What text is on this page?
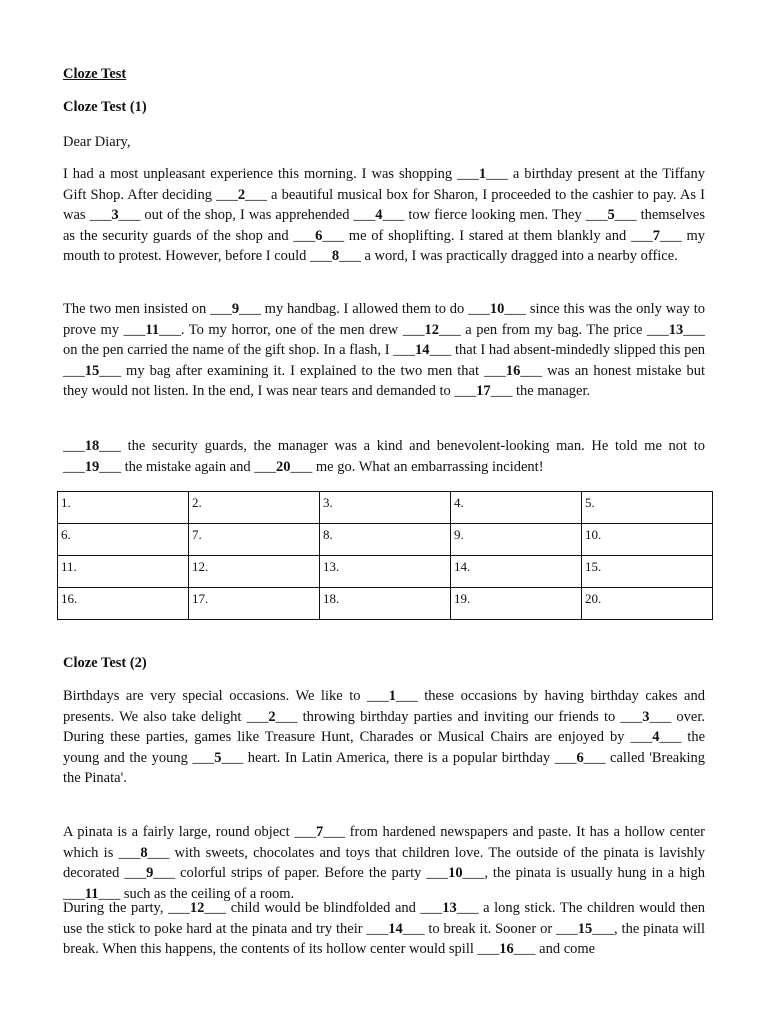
Cloze Test
Cloze Test (1)
Dear Diary,
I had a most unpleasant experience this morning. I was shopping ___1___ a birthday present at the Tiffany Gift Shop. After deciding ___2___ a beautiful musical box for Sharon, I proceeded to the cashier to pay. As I was ___3___ out of the shop, I was apprehended ___4___ tow fierce looking men. They ___5___ themselves as the security guards of the shop and ___6___ me of shoplifting. I stared at them blankly and ___7___ my mouth to protest. However, before I could ___8___ a word, I was practically dragged into a nearby office.
The two men insisted on ___9___ my handbag. I allowed them to do ___10___ since this was the only way to prove my ___11___. To my horror, one of the men drew ___12___ a pen from my bag. The price ___13___ on the pen carried the name of the gift shop. In a flash, I ___14___ that I had absent-mindedly slipped this pen ___15___ my bag after examining it. I explained to the two men that ___16___ was an honest mistake but they would not listen. In the end, I was near tears and demanded to ___17___ the manager.
___18___ the security guards, the manager was a kind and benevolent-looking man. He told me not to ___19___ the mistake again and ___20___ me go. What an embarrassing incident!
1.	2.	3.	4.	5.
6.	7.	8.	9.	10.
11.	12.	13.	14.	15.
16.	17.	18.	19.	20.
Cloze Test (2)
Birthdays are very special occasions. We like to ___1___ these occasions by having birthday cakes and presents. We also take delight ___2___ throwing birthday parties and inviting our friends to ___3___ over. During these parties, games like Treasure Hunt, Charades or Musical Chairs are enjoyed by ___4___ the young and the young ___5___ heart. In Latin America, there is a popular birthday ___6___ called 'Breaking the Pinata'.
A pinata is a fairly large, round object ___7___ from hardened newspapers and paste. It has a hollow center which is ___8___ with sweets, chocolates and toys that children love. The outside of the pinata is lavishly decorated ___9___ colorful strips of paper. Before the party ___10___, the pinata is usually hung in a high ___11___ such as the ceiling of a room.
During the party, ___12___ child would be blindfolded and ___13___ a long stick. The children would then use the stick to poke hard at the pinata and try their ___14___ to break it. Sooner or ___15___, the pinata will break. When this happens, the contents of its hollow center would spill ___16___ and come
